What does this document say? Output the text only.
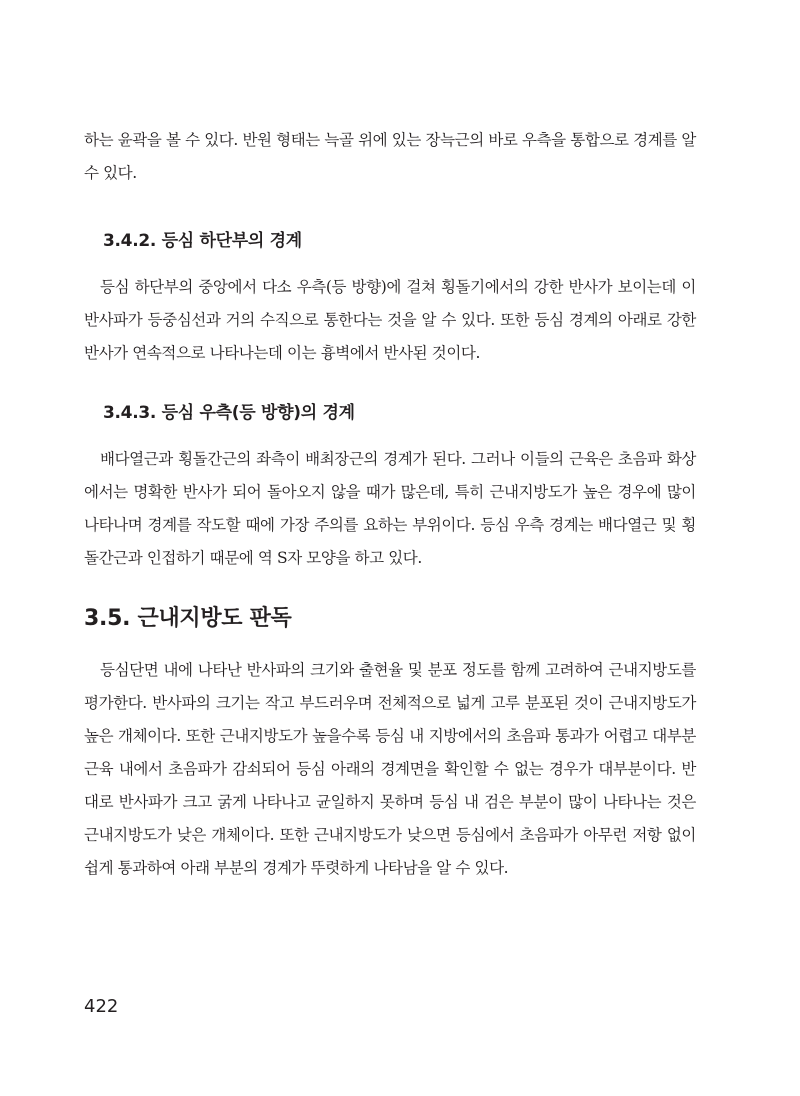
하는 윤곽을 볼 수 있다. 반원 형태는 늑골 위에 있는 장늑근의 바로 우측을 통합으로 경계를 알 수 있다.

3.4.2. 등심 하단부의 경계

등심 하단부의 중앙에서 다소 우측(등 방향)에 걸쳐 횡돌기에서의 강한 반사가 보이는데 이 반사파가 등중심선과 거의 수직으로 통한다는 것을 알 수 있다. 또한 등심 경계의 아래로 강한 반사가 연속적으로 나타나는데 이는 흉벽에서 반사된 것이다.

3.4.3. 등심 우측(등 방향)의 경계

배다열근과 횡돌간근의 좌측이 배최장근의 경계가 된다. 그러나 이들의 근육은 초음파 화상에서는 명확한 반사가 되어 돌아오지 않을 때가 많은데, 특히 근내지방도가 높은 경우에 많이 나타나며 경계를 작도할 때에 가장 주의를 요하는 부위이다. 등심 우측 경계는 배다열근 및 횡돌간근과 인접하기 때문에 역 S자 모양을 하고 있다.

3.5. 근내지방도 판독

등심단면 내에 나타난 반사파의 크기와 출현율 및 분포 정도를 함께 고려하여 근내지방도를 평가한다. 반사파의 크기는 작고 부드러우며 전체적으로 넓게 고루 분포된 것이 근내지방도가 높은 개체이다. 또한 근내지방도가 높을수록 등심 내 지방에서의 초음파 통과가 어렵고 대부분 근육 내에서 초음파가 감쇠되어 등심 아래의 경계면을 확인할 수 없는 경우가 대부분이다. 반대로 반사파가 크고 굵게 나타나고 균일하지 못하며 등심 내 검은 부분이 많이 나타나는 것은 근내지방도가 낮은 개체이다. 또한 근내지방도가 낮으면 등심에서 초음파가 아무런 저항 없이 쉽게 통과하여 아래 부분의 경계가 뚜렷하게 나타남을 알 수 있다.

422
